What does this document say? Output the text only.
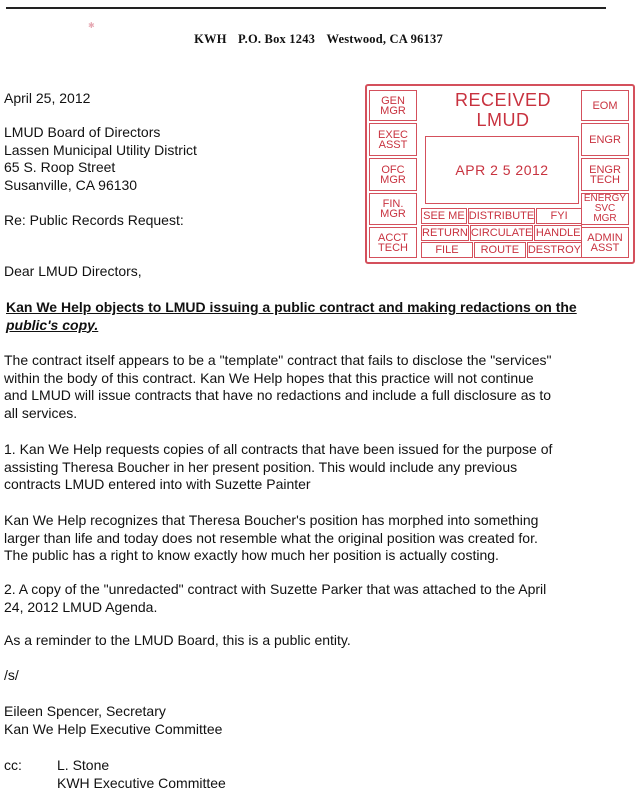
✱
KWH P.O. Box 1243 Westwood, CA 96137
April 25, 2012
LMUD Board of Directors
Lassen Municipal Utility District
65 S. Roop Street
Susanville, CA 96130
Re: Public Records Request:
Dear LMUD Directors,
Kan We Help objects to LMUD issuing a public contract and making redactions on the public's copy.
The contract itself appears to be a "template" contract that fails to disclose the "services"
within the body of this contract. Kan We Help hopes that this practice will not continue
and LMUD will issue contracts that have no redactions and include a full disclosure as to
all services.
1. Kan We Help requests copies of all contracts that have been issued for the purpose of
assisting Theresa Boucher in her present position. This would include any previous
contracts LMUD entered into with Suzette Painter
Kan We Help recognizes that Theresa Boucher's position has morphed into something
larger than life and today does not resemble what the original position was created for.
The public has a right to know exactly how much her position is actually costing.
2. A copy of the "unredacted" contract with Suzette Parker that was attached to the April
24, 2012 LMUD Agenda.
As a reminder to the LMUD Board, this is a public entity.
/s/
Eileen Spencer, Secretary
Kan We Help Executive Committee
cc:	L. Stone
KWH Executive Committee
RECEIVED
LMUD
APR 2 5 2012
GEN
MGR
EXEC
ASST
OFC
MGR
FIN.
MGR
ACCT
TECH
EOM
ENGR
ENGR
TECH
ENERGY
SVC MGR
ADMIN
ASST
SEE ME DISTRIBUTE	FYI
RETURN CIRCULATE HANDLE
FILE	ROUTE DESTROY
